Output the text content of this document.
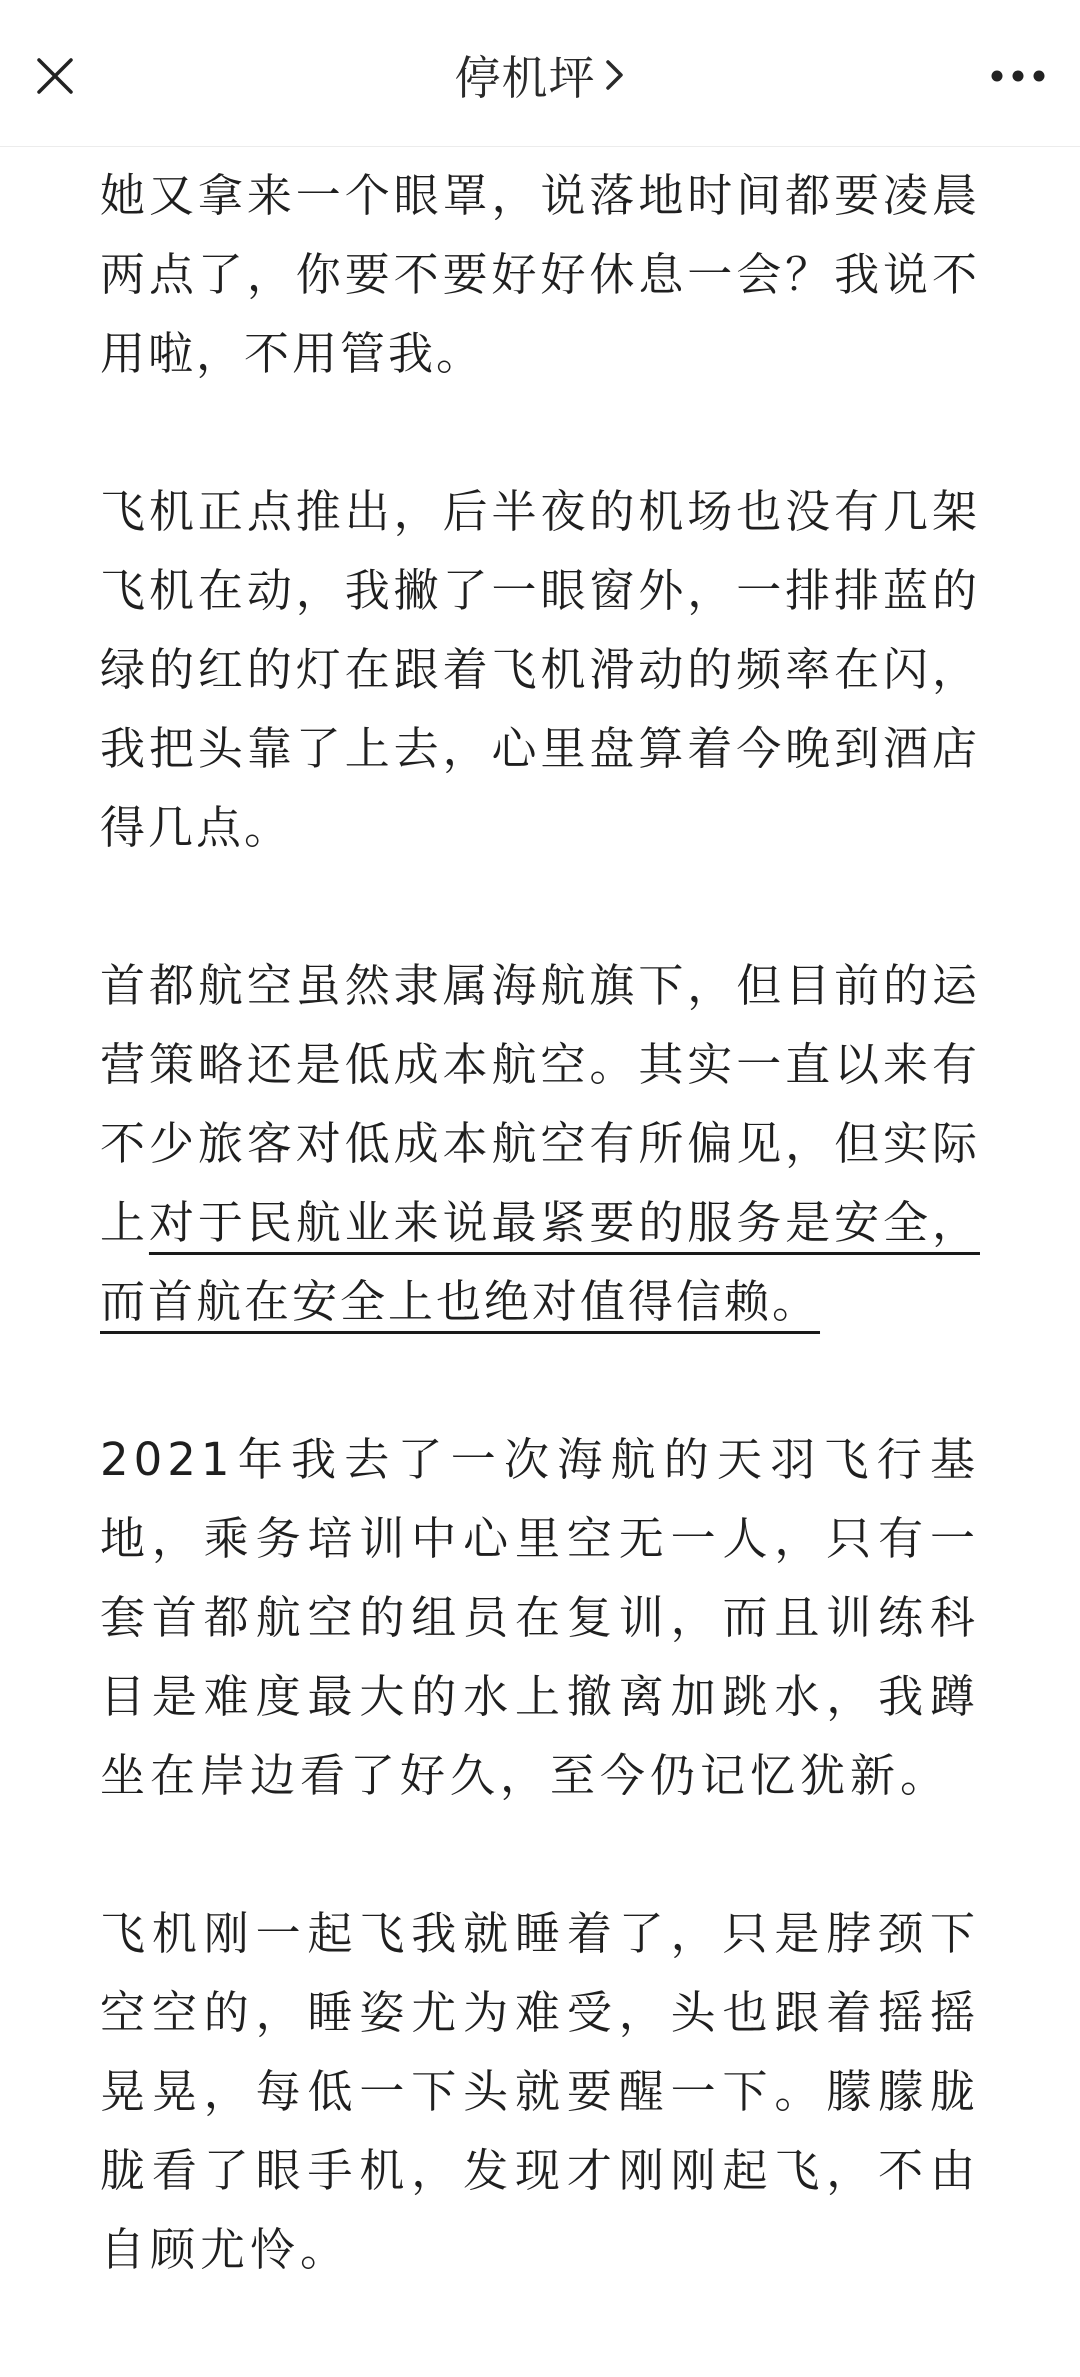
停机坪

她又拿来一个眼罩，说落地时间都要凌晨两点了，你要不要好好休息一会？我说不用啦，不用管我。

飞机正点推出，后半夜的机场也没有几架飞机在动，我撇了一眼窗外，一排排蓝的绿的红的灯在跟着飞机滑动的频率在闪，我把头靠了上去，心里盘算着今晚到酒店得几点。

首都航空虽然隶属海航旗下，但目前的运营策略还是低成本航空。其实一直以来有不少旅客对低成本航空有所偏见，但实际上对于民航业来说最紧要的服务是安全，而首航在安全上也绝对值得信赖。

2021年我去了一次海航的天羽飞行基地，乘务培训中心里空无一人，只有一套首都航空的组员在复训，而且训练科目是难度最大的水上撤离加跳水，我蹲坐在岸边看了好久，至今仍记忆犹新。

飞机刚一起飞我就睡着了，只是脖颈下空空的，睡姿尤为难受，头也跟着摇摇晃晃，每低一下头就要醒一下。朦朦胧胧看了眼手机，发现才刚刚起飞，不由自顾尤怜。
